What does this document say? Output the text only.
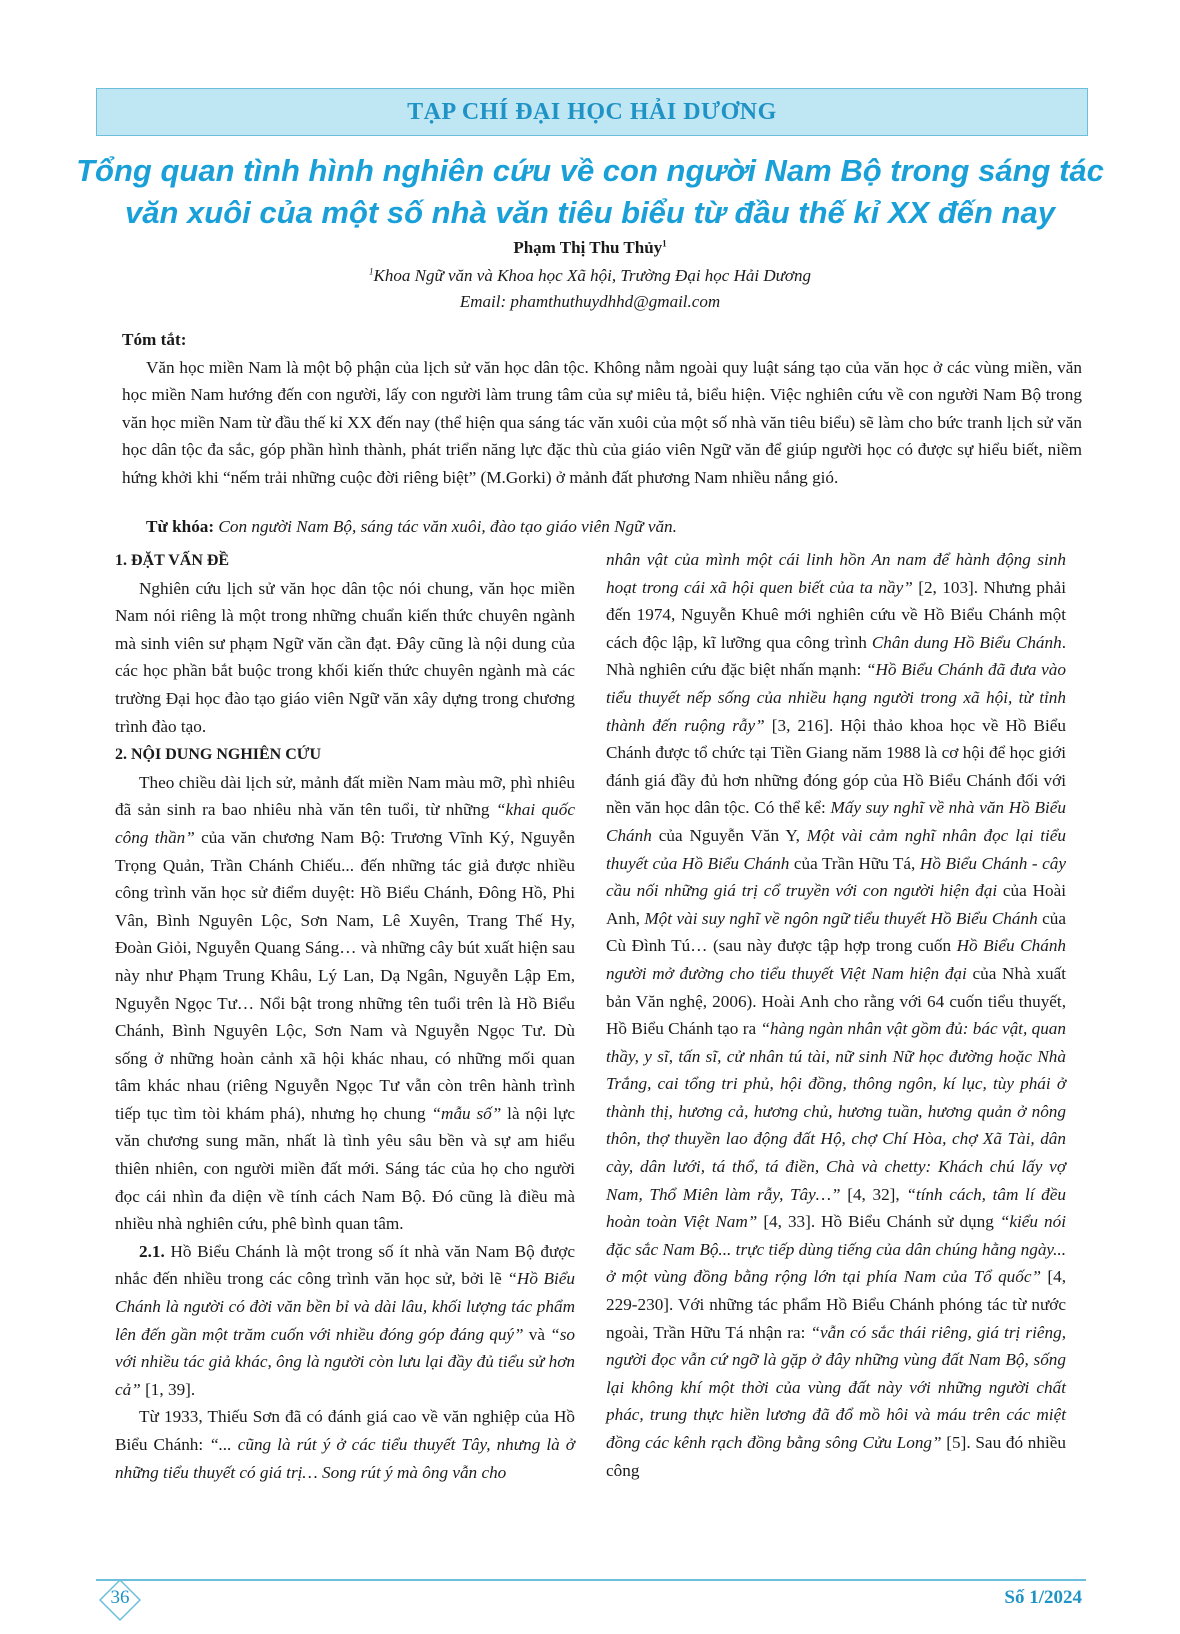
TẠP CHÍ ĐẠI HỌC HẢI DƯƠNG
Tổng quan tình hình nghiên cứu về con người Nam Bộ trong sáng tác
văn xuôi của một số nhà văn tiêu biểu từ đầu thế kỉ XX đến nay
Phạm Thị Thu Thủy$^1$
$^1$Khoa Ngữ văn và Khoa học Xã hội, Trường Đại học Hải Dương
Email: phamthuthuydhhd@gmail.com

Tóm tắt:

Văn học miền Nam là một bộ phận của lịch sử văn học dân tộc. Không nằm ngoài quy luật sáng tạo của văn học ở các vùng miền, văn học miền Nam hướng đến con người, lấy con người làm trung tâm của sự miêu tả, biểu hiện. Việc nghiên cứu về con người Nam Bộ trong văn học miền Nam từ đầu thế kỉ XX đến nay (thể hiện qua sáng tác văn xuôi của một số nhà văn tiêu biểu) sẽ làm cho bức tranh lịch sử văn học dân tộc đa sắc, góp phần hình thành, phát triển năng lực đặc thù của giáo viên Ngữ văn để giúp người học có được sự hiểu biết, niềm hứng khởi khi “nếm trải những cuộc đời riêng biệt” (M.Gorki) ở mảnh đất phương Nam nhiều nắng gió.

Từ khóa: Con người Nam Bộ, sáng tác văn xuôi, đào tạo giáo viên Ngữ văn.

1. ĐẶT VẤN ĐỀ

Nghiên cứu lịch sử văn học dân tộc nói chung, văn học miền Nam nói riêng là một trong những chuẩn kiến thức chuyên ngành mà sinh viên sư phạm Ngữ văn cần đạt. Đây cũng là nội dung của các học phần bắt buộc trong khối kiến thức chuyên ngành mà các trường Đại học đào tạo giáo viên Ngữ văn xây dựng trong chương trình đào tạo.

2. NỘI DUNG NGHIÊN CỨU

Theo chiều dài lịch sử, mảnh đất miền Nam màu mỡ, phì nhiêu đã sản sinh ra bao nhiêu nhà văn tên tuổi, từ những “khai quốc công thần” của văn chương Nam Bộ: Trương Vĩnh Ký, Nguyễn Trọng Quản, Trần Chánh Chiếu... đến những tác giả được nhiều công trình văn học sử điểm duyệt: Hồ Biểu Chánh, Đông Hồ, Phi Vân, Bình Nguyên Lộc, Sơn Nam, Lê Xuyên, Trang Thế Hy, Đoàn Giỏi, Nguyễn Quang Sáng… và những cây bút xuất hiện sau này như Phạm Trung Khâu, Lý Lan, Dạ Ngân, Nguyễn Lập Em, Nguyễn Ngọc Tư… Nổi bật trong những tên tuổi trên là Hồ Biểu Chánh, Bình Nguyên Lộc, Sơn Nam và Nguyễn Ngọc Tư. Dù sống ở những hoàn cảnh xã hội khác nhau, có những mối quan tâm khác nhau (riêng Nguyễn Ngọc Tư vẫn còn trên hành trình tiếp tục tìm tòi khám phá), nhưng họ chung “mẫu số” là nội lực văn chương sung mãn, nhất là tình yêu sâu bền và sự am hiểu thiên nhiên, con người miền đất mới. Sáng tác của họ cho người đọc cái nhìn đa diện về tính cách Nam Bộ. Đó cũng là điều mà nhiều nhà nghiên cứu, phê bình quan tâm.

2.1. Hồ Biểu Chánh là một trong số ít nhà văn Nam Bộ được nhắc đến nhiều trong các công trình văn học sử, bởi lẽ “Hồ Biểu Chánh là người có đời văn bền bỉ và dài lâu, khối lượng tác phẩm lên đến gần một trăm cuốn với nhiều đóng góp đáng quý” và “so với nhiều tác giả khác, ông là người còn lưu lại đầy đủ tiểu sử hơn cả” [1, 39].

Từ 1933, Thiếu Sơn đã có đánh giá cao về văn nghiệp của Hồ Biểu Chánh: “... cũng là rút ý ở các tiểu thuyết Tây, nhưng là ở những tiểu thuyết có giá trị… Song rút ý mà ông vẫn cho

nhân vật của mình một cái linh hồn An nam để hành động sinh hoạt trong cái xã hội quen biết của ta nầy” [2, 103]. Nhưng phải đến 1974, Nguyễn Khuê mới nghiên cứu về Hồ Biểu Chánh một cách độc lập, kĩ lưỡng qua công trình Chân dung Hồ Biểu Chánh. Nhà nghiên cứu đặc biệt nhấn mạnh: “Hồ Biểu Chánh đã đưa vào tiểu thuyết nếp sống của nhiều hạng người trong xã hội, từ tỉnh thành đến ruộng rẫy” [3, 216]. Hội thảo khoa học về Hồ Biểu Chánh được tổ chức tại Tiền Giang năm 1988 là cơ hội để học giới đánh giá đầy đủ hơn những đóng góp của Hồ Biểu Chánh đối với nền văn học dân tộc. Có thể kể: Mấy suy nghĩ về nhà văn Hồ Biểu Chánh của Nguyễn Văn Y, Một vài cảm nghĩ nhân đọc lại tiểu thuyết của Hồ Biểu Chánh của Trần Hữu Tá, Hồ Biểu Chánh - cây cầu nối những giá trị cổ truyền với con người hiện đại của Hoài Anh, Một vài suy nghĩ về ngôn ngữ tiểu thuyết Hồ Biểu Chánh của Cù Đình Tú… (sau này được tập hợp trong cuốn Hồ Biểu Chánh người mở đường cho tiểu thuyết Việt Nam hiện đại của Nhà xuất bản Văn nghệ, 2006). Hoài Anh cho rằng với 64 cuốn tiểu thuyết, Hồ Biểu Chánh tạo ra “hàng ngàn nhân vật gồm đủ: bác vật, quan thầy, y sĩ, tấn sĩ, cử nhân tú tài, nữ sinh Nữ học đường hoặc Nhà Trắng, cai tổng tri phủ, hội đồng, thông ngôn, kí lục, tùy phái ở thành thị, hương cả, hương chủ, hương tuần, hương quản ở nông thôn, thợ thuyền lao động đất Hộ, chợ Chí Hòa, chợ Xã Tài, dân cày, dân lưới, tá thổ, tá điền, Chà và chetty: Khách chú lấy vợ Nam, Thổ Miên làm rẫy, Tây…” [4, 32], “tính cách, tâm lí đều hoàn toàn Việt Nam” [4, 33]. Hồ Biểu Chánh sử dụng “kiểu nói đặc sắc Nam Bộ... trực tiếp dùng tiếng của dân chúng hằng ngày... ở một vùng đồng bằng rộng lớn tại phía Nam của Tổ quốc” [4, 229-230]. Với những tác phẩm Hồ Biểu Chánh phóng tác từ nước ngoài, Trần Hữu Tá nhận ra: “vẫn có sắc thái riêng, giá trị riêng, người đọc vẫn cứ ngỡ là gặp ở đây những vùng đất Nam Bộ, sống lại không khí một thời của vùng đất này với những người chất phác, trung thực hiền lương đã đổ mồ hôi và máu trên các miệt đồng các kênh rạch đồng bằng sông Cửu Long” [5]. Sau đó nhiều công

36	Số 1/2024
